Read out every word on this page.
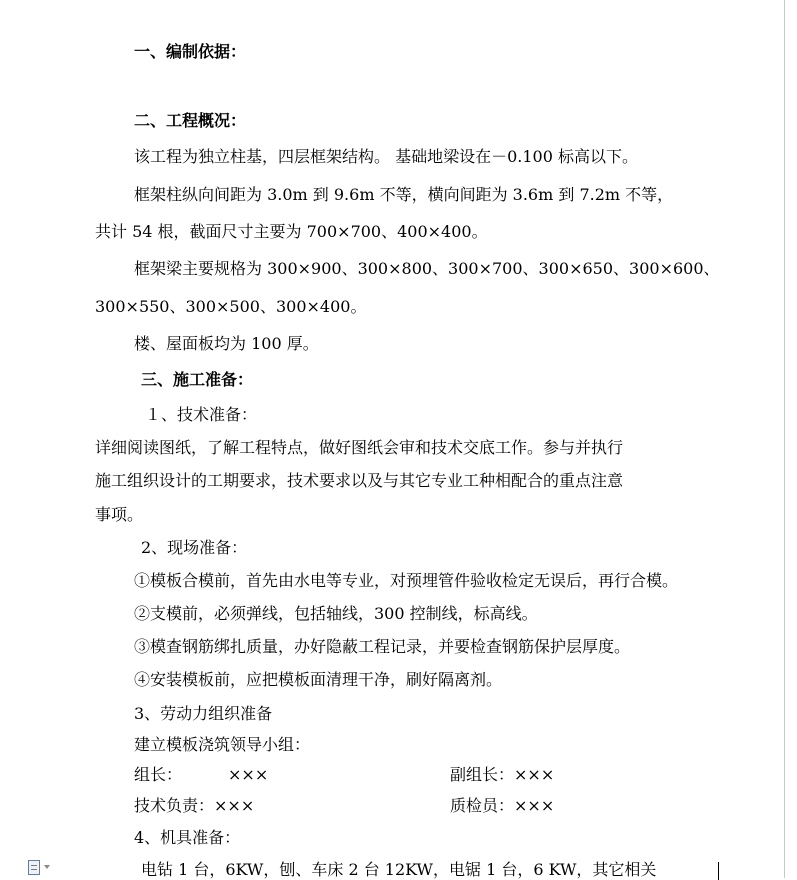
一、编制依据：
二、工程概况：
该工程为独立柱基，四层框架结构。 基础地梁设在－0.100 标高以下。
框架柱纵向间距为 3.0m 到 9.6m 不等，横向间距为 3.6m 到 7.2m 不等，
共计 54 根，截面尺寸主要为 700×700、400×400。
框架梁主要规格为 300×900、300×800、300×700、300×650、300×600、
300×550、300×500、300×400。
楼、屋面板均为 100 厚。
三、施工准备：
１、技术准备：
详细阅读图纸，了解工程特点，做好图纸会审和技术交底工作。参与并执行
施工组织设计的工期要求，技术要求以及与其它专业工种相配合的重点注意
事项。
2、现场准备：
①模板合模前，首先由水电等专业，对预埋管件验收检定无误后，再行合模。
②支模前，必须弹线，包括轴线，300 控制线，标高线。
③模查钢筋绑扎质量，办好隐蔽工程记录，并要检查钢筋保护层厚度。
④安装模板前，应把模板面清理干净，刷好隔离剂。
3、劳动力组织准备
建立模板浇筑领导小组：
组长：	×××	副组长：×××
技术负责：×××	质检员：×××
4、机具准备：
电钻 1 台，6KW，刨、车床 2 台 12KW，电锯 1 台，6 KW，其它相关
